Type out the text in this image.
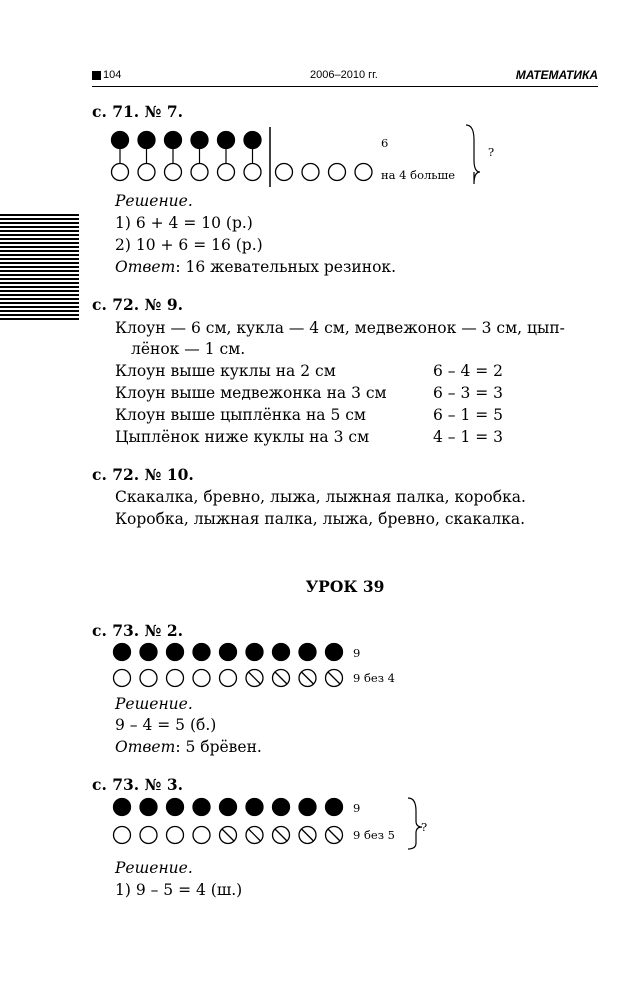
104	2006–2010 гг.	МАТЕМАТИКА
с. 71. № 7.
6
на 4 больше
?
Решение.
1) 6 + 4 = 10 (р.)
2) 10 + 6 = 16 (р.)
Ответ: 16 жевательных резинок.
с. 72. № 9.
Клоун — 6 см, кукла — 4 см, медвежонок — 3 см, цып-
лёнок — 1 см.
Клоун выше куклы на 2 см	6 – 4 = 2
Клоун выше медвежонка на 3 см	6 – 3 = 3
Клоун выше цыплёнка на 5 см	6 – 1 = 5
Цыплёнок ниже куклы на 3 см	4 – 1 = 3
с. 72. № 10.
Скакалка, бревно, лыжа, лыжная палка, коробка.
Коробка, лыжная палка, лыжа, бревно, скакалка.
УРОК 39
с. 73. № 2.
9
9 без 4
Решение.
9 – 4 = 5 (б.)
Ответ: 5 брёвен.
с. 73. № 3.
9
9 без 5
?
Решение.
1) 9 – 5 = 4 (ш.)
